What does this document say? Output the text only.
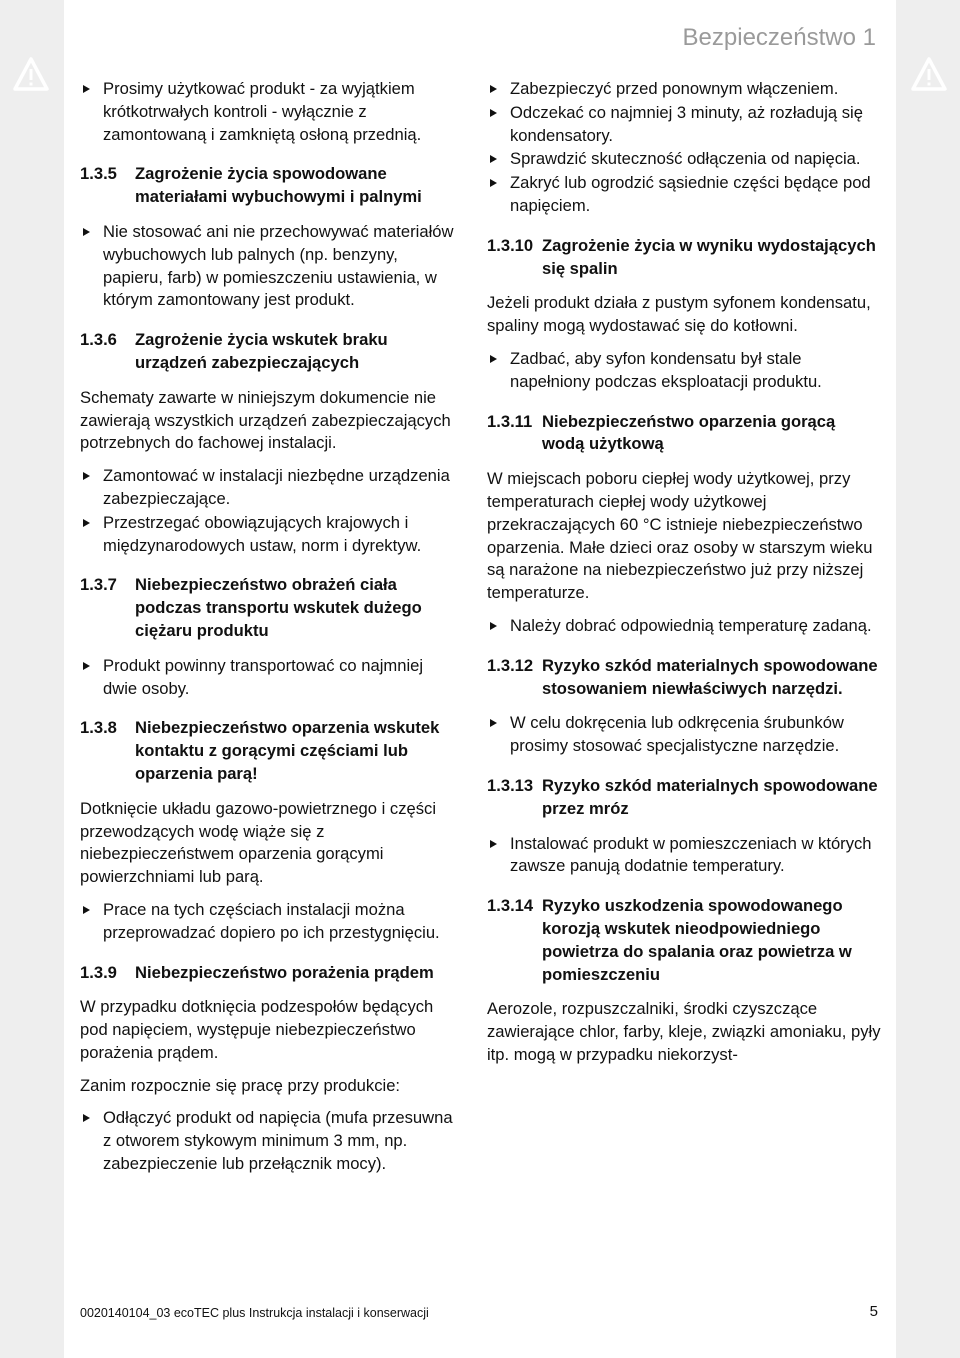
Bezpieczeństwo 1
Prosimy użytkować produkt - za wyjątkiem krótkotrwałych kontroli - wyłącznie z zamontowaną i zamkniętą osłoną przednią.
1.3.5	Zagrożenie życia spowodowane materiałami wybuchowymi i palnymi
Nie stosować ani nie przechowywać materiałów wybuchowych lub palnych (np. benzyny, papieru, farb) w pomieszczeniu ustawienia, w którym zamontowany jest produkt.
1.3.6	Zagrożenie życia wskutek braku urządzeń zabezpieczających

Schematy zawarte w niniejszym dokumencie nie zawierają wszystkich urządzeń zabezpieczających potrzebnych do fachowej instalacji.

Zamontować w instalacji niezbędne urządzenia zabezpieczające.
Przestrzegać obowiązujących krajowych i międzynarodowych ustaw, norm i dyrektyw.
1.3.7	Niebezpieczeństwo obrażeń ciała podczas transportu wskutek dużego ciężaru produktu
Produkt powinny transportować co najmniej dwie osoby.
1.3.8	Niebezpieczeństwo oparzenia wskutek kontaktu z gorącymi częściami lub oparzenia parą!

Dotknięcie układu gazowo-powietrznego i części przewodzących wodę wiąże się z niebezpieczeństwem oparzenia gorącymi powierzchniami lub parą.

Prace na tych częściach instalacji można przeprowadzać dopiero po ich przestygnięciu.
1.3.9	Niebezpieczeństwo porażenia prądem

W przypadku dotknięcia podzespołów będących pod napięciem, występuje niebezpieczeństwo porażenia prądem.

Zanim rozpocznie się pracę przy produkcie:

Odłączyć produkt od napięcia (mufa przesuwna z otworem stykowym minimum 3 mm, np. zabezpieczenie lub przełącznik mocy).
Zabezpieczyć przed ponownym włączeniem.
Odczekać co najmniej 3 minuty, aż rozładują się kondensatory.
Sprawdzić skuteczność odłączenia od napięcia.
Zakryć lub ogrodzić sąsiednie części będące pod napięciem.
1.3.10 Zagrożenie życia w wyniku wydostających się spalin

Jeżeli produkt działa z pustym syfonem kondensatu, spaliny mogą wydostawać się do kotłowni.

Zadbać, aby syfon kondensatu był stale napełniony podczas eksploatacji produktu.
1.3.11 Niebezpieczeństwo oparzenia gorącą wodą użytkową

W miejscach poboru ciepłej wody użytkowej, przy temperaturach ciepłej wody użytkowej przekraczających 60 °C istnieje niebezpieczeństwo oparzenia. Małe dzieci oraz osoby w starszym wieku są narażone na niebezpieczeństwo już przy niższej temperaturze.

Należy dobrać odpowiednią temperaturę zadaną.
1.3.12 Ryzyko szkód materialnych spowodowane stosowaniem niewłaściwych narzędzi.
W celu dokręcenia lub odkręcenia śrubunków prosimy stosować specjalistyczne narzędzie.
1.3.13 Ryzyko szkód materialnych spowodowane przez mróz
Instalować produkt w pomieszczeniach w których zawsze panują dodatnie temperatury.
1.3.14 Ryzyko uszkodzenia spowodowanego korozją wskutek nieodpowiedniego powietrza do spalania oraz powietrza w pomieszczeniu

Aerozole, rozpuszczalniki, środki czyszczące zawierające chlor, farby, kleje, związki amoniaku, pyły itp. mogą w przypadku niekorzyst-

0020140104_03 ecoTEC plus Instrukcja instalacji i konserwacji	5
